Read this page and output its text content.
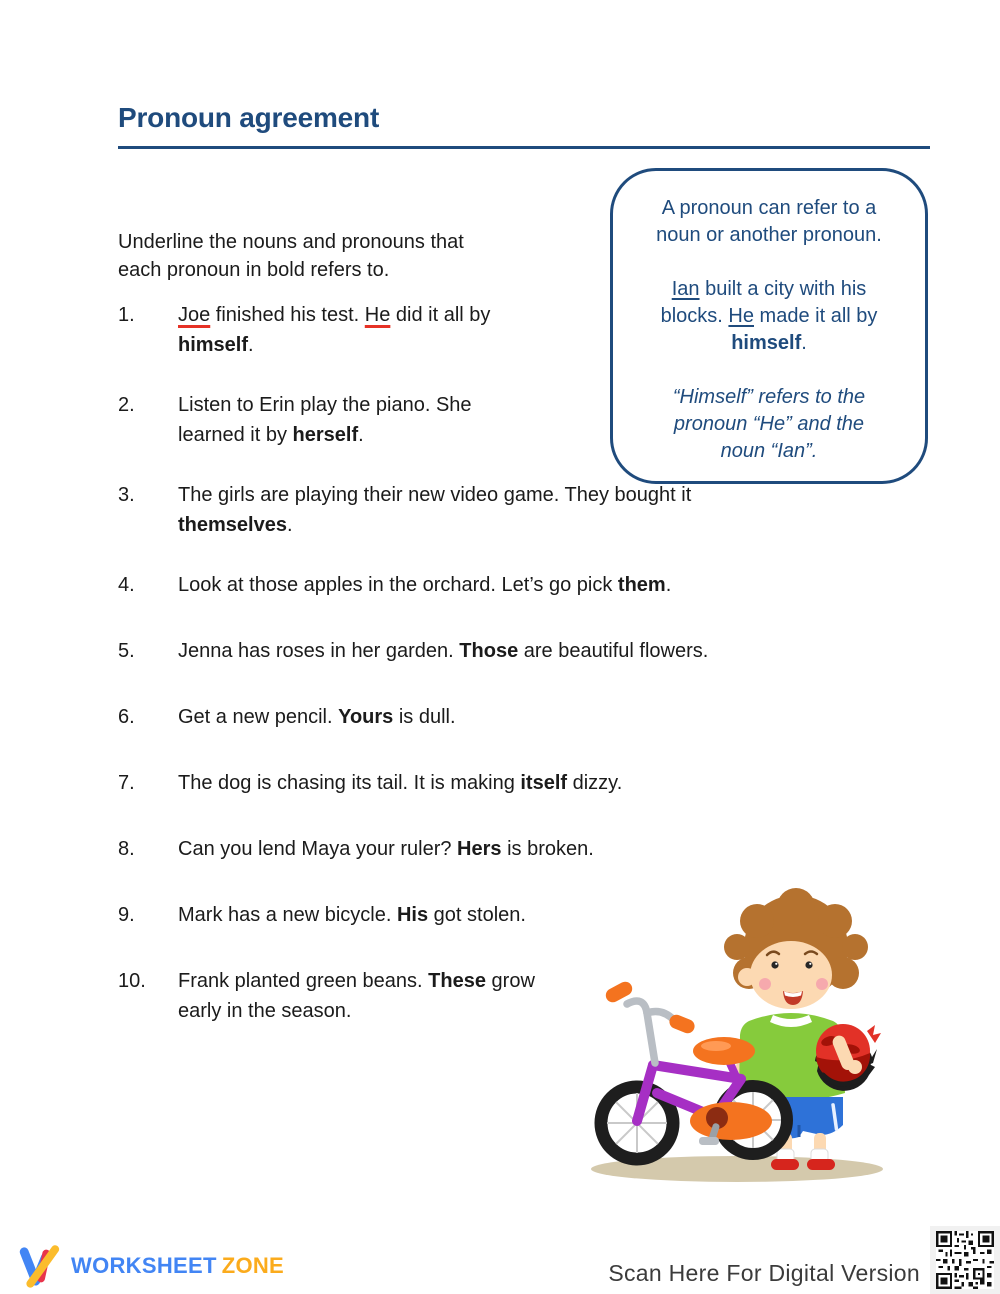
Pronoun agreement
Underline the nouns and pronouns that
each pronoun in bold refers to.
A pronoun can refer to a
noun or another pronoun.
Ian built a city with his
blocks. He made it all by
himself.
“Himself” refers to the
pronoun “He” and the
noun “Ian”.
1.	Joe finished his test. He did it all by
himself.
2.	Listen to Erin play the piano. She
learned it by herself.
3.	The girls are playing their new video game. They bought it
themselves.
4.	Look at those apples in the orchard. Let’s go pick them.
5.	Jenna has roses in her garden. Those are beautiful flowers.
6.	Get a new pencil. Yours is dull.
7.	The dog is chasing its tail. It is making itself dizzy.
8.	Can you lend Maya your ruler? Hers is broken.
9.	Mark has a new bicycle. His got stolen.
10.	Frank planted green beans. These grow
early in the season.
WORKSHEET ZONE	Scan Here For Digital Version
